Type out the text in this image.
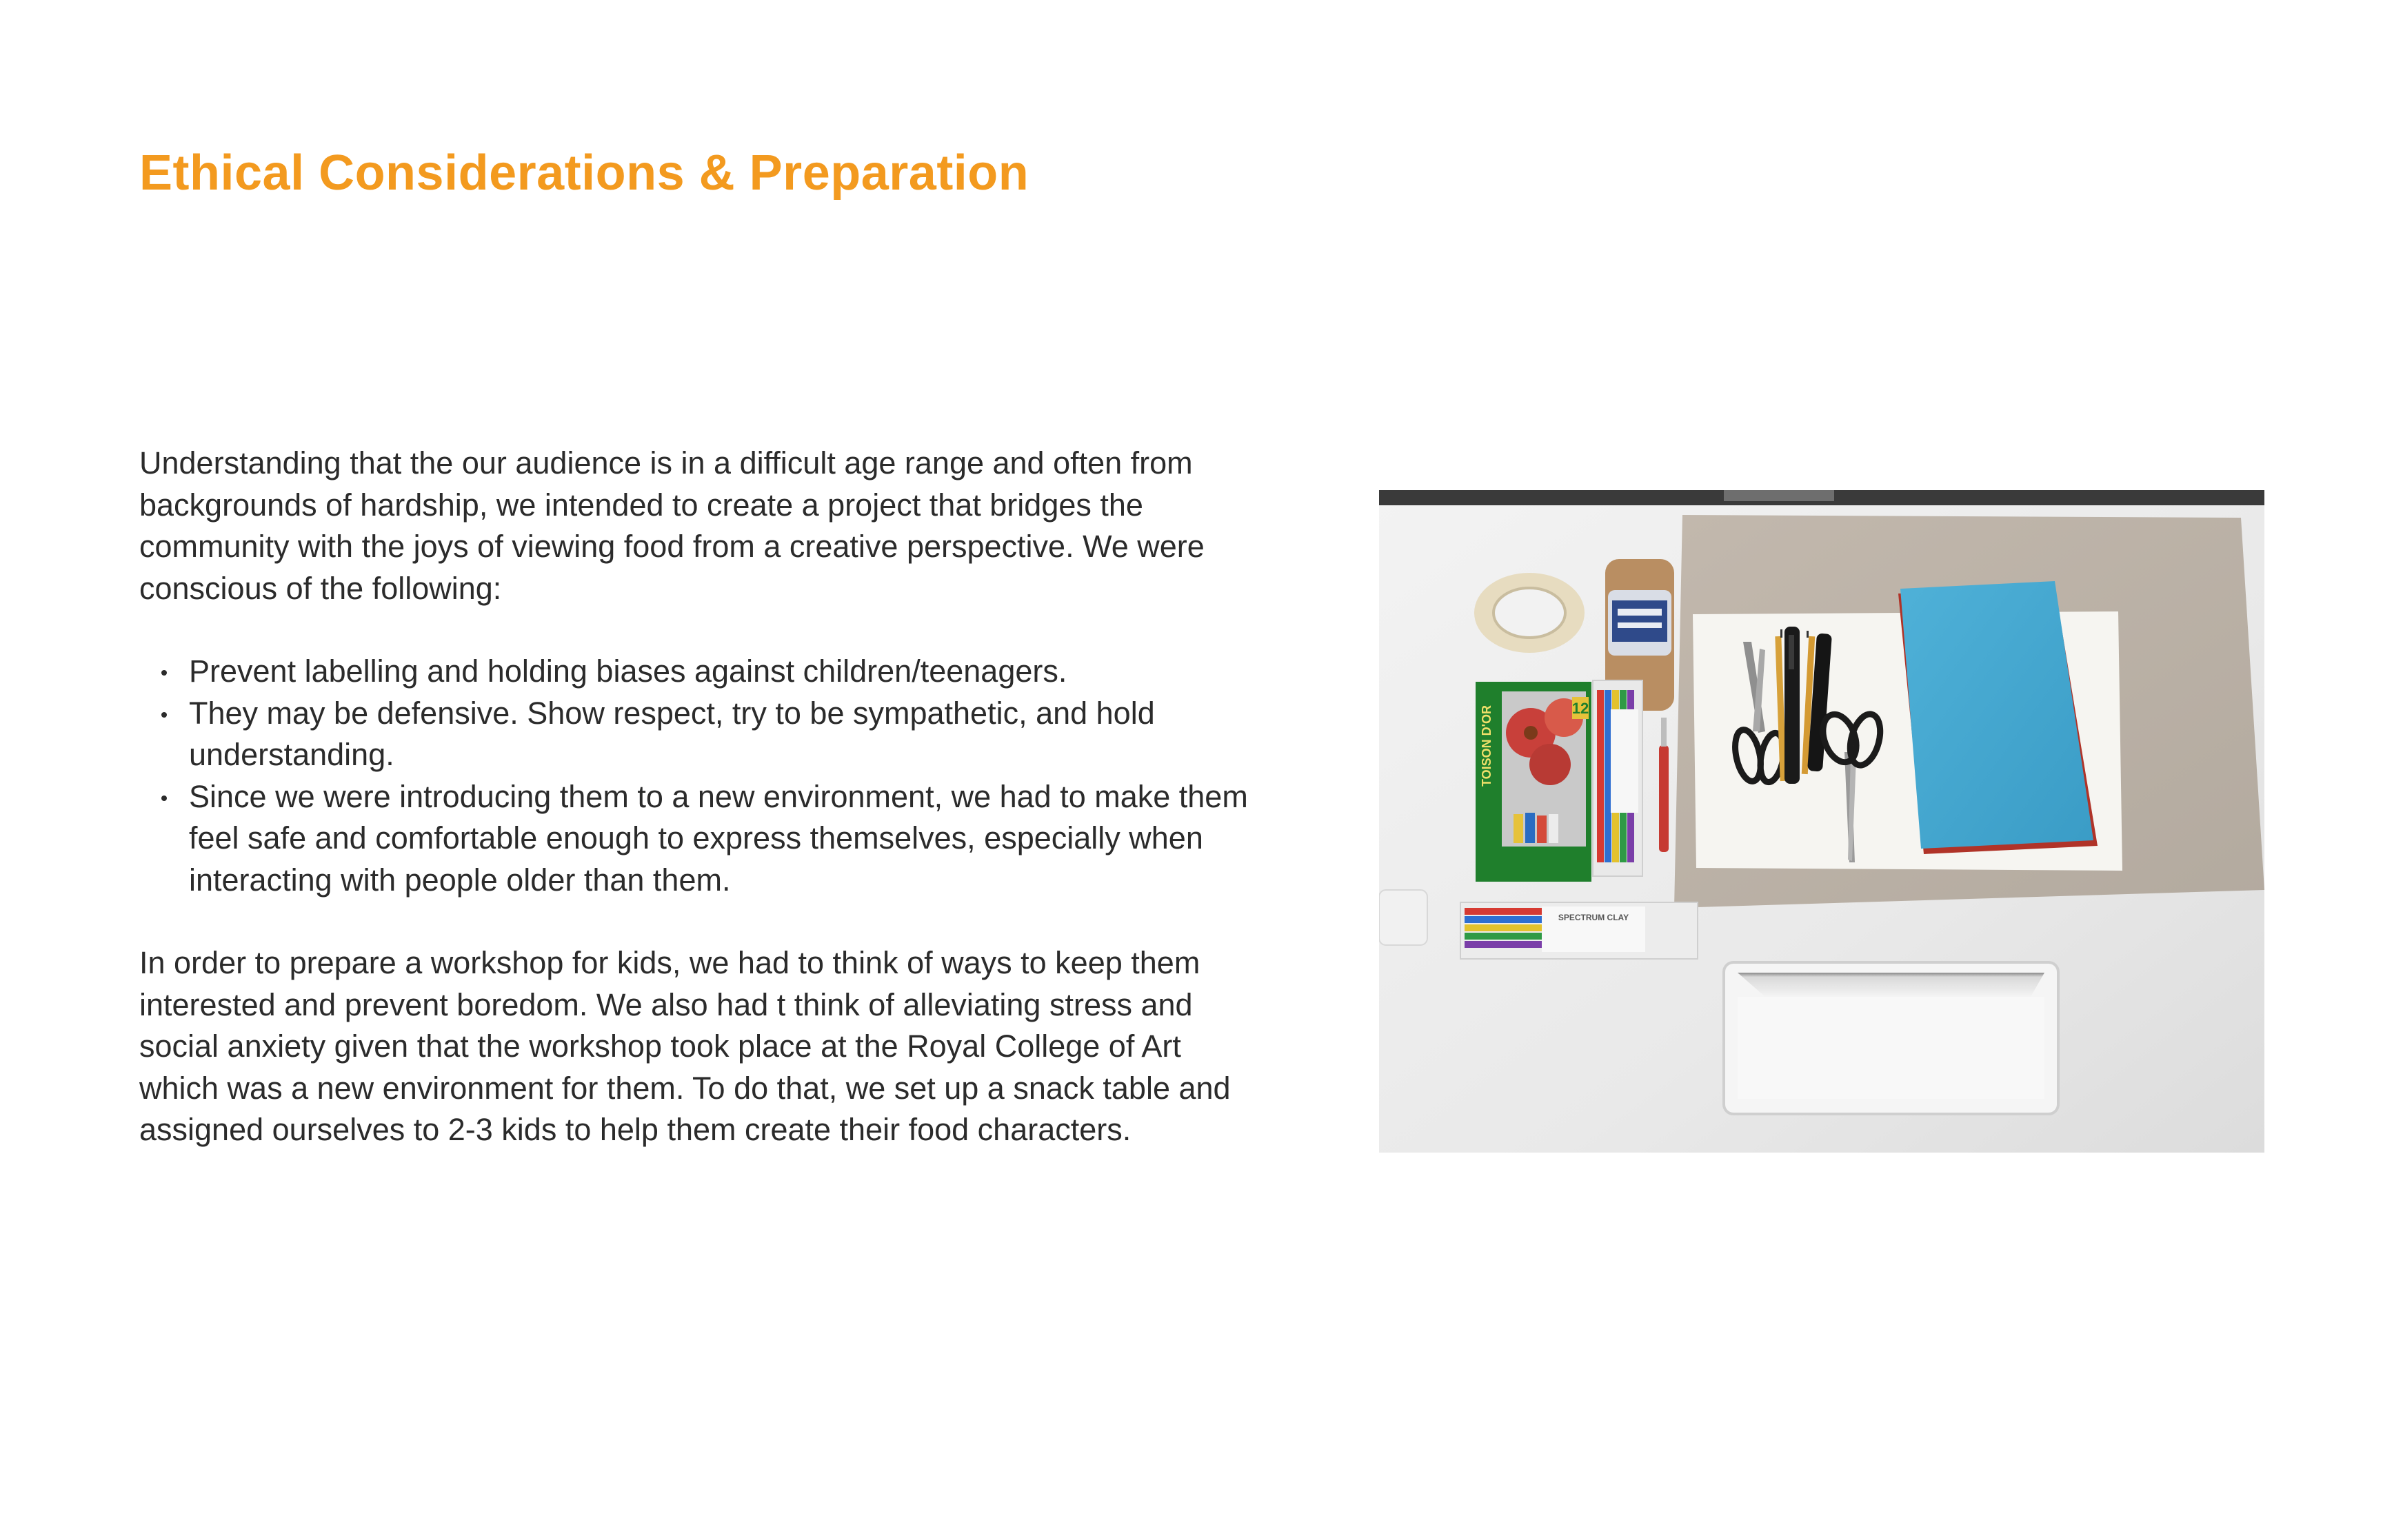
Ethical Considerations & Preparation

Understanding that the our audience is in a difficult age range and often from backgrounds of hardship, we intended to create a project that bridges the community with the joys of viewing food from a creative perspective. We were conscious of the following:

Prevent labelling and holding biases against children/teenagers.
They may be defensive. Show respect, try to be sympathetic, and hold understanding.
Since we were introducing them to a new environment, we had to make them feel safe and comfortable enough to express themselves, especially when interacting with people older than them.

In order to prepare a workshop for kids, we had to think of ways to keep them interested and prevent boredom. We also had t think of alleviating stress and social anxiety given that the workshop took place at the Royal College of Art which was a new environment for them. To do that, we set up a snack table and assigned ourselves to 2-3 kids to help them create their food characters.

12
TOISON D'OR
SPECTRUM CLAY
